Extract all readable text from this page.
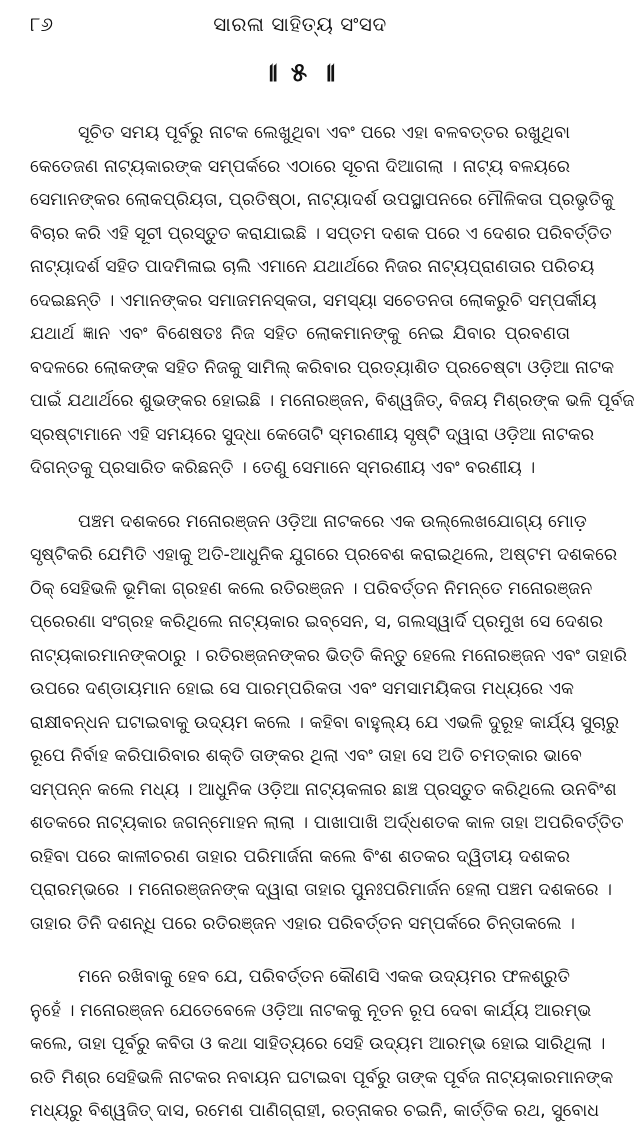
୮୬	ସାରଳା ସାହିତ୍ୟ ସଂସଦ
॥ ୫ ॥
ସୂଚିତ ସମୟ ପୂର୍ବରୁ ନାଟକ ଲେଖୁଥିବା ଏବଂ ପରେ ଏହା ବଳବତ୍ତର ରଖୁଥିବା
କେତେଜଣ ନାଟ୍ୟକାରଙ୍କ ସମ୍ପର୍କରେ ଏଠାରେ ସୂଚନା ଦିଆଗଲା । ନାଟ୍ୟ ବଳୟରେ
ସେମାନଙ୍କର ଲୋକପ୍ରିୟତା, ପ୍ରତିଷ୍ଠା, ନାଟ୍ୟାଦର୍ଶ ଉପସ୍ଥାପନରେ ମୌଳିକତା ପ୍ରଭୃତିକୁ
ବିଚାର କରି ଏହି ସୂଚୀ ପ୍ରସ୍ତୁତ କରାଯାଇଛି । ସପ୍ତମ ଦଶକ ପରେ ଏ ଦେଶର ପରିବର୍ତ୍ତିତ
ନାଟ୍ୟାଦର୍ଶ ସହିତ ପାଦମିଳାଇ ଚାଲି ଏମାନେ ଯଥାର୍ଥରେ ନିଜର ନାଟ୍ୟପ୍ରାଣତାର ପରିଚୟ
ଦେଇଛନ୍ତି । ଏମାନଙ୍କର ସମାଜମନସ୍କତା, ସମସ୍ୟା ସଚେତନତା ଲୋକରୁଚି ସମ୍ପର୍କୀୟ
ଯଥାର୍ଥ ଜ୍ଞାନ ଏବଂ ବିଶେଷତଃ ନିଜ ସହିତ ଲୋକମାନଙ୍କୁ ନେଇ ଯିବାର ପ୍ରବଣତା
ବଦଳରେ ଲୋକଙ୍କ ସହିତ ନିଜକୁ ସାମିଲ୍ କରିବାର ପ୍ରତ୍ୟାଶିତ ପ୍ରଚେଷ୍ଟା ଓଡ଼ିଆ ନାଟକ
ପାଇଁ ଯଥାର୍ଥରେ ଶୁଭଙ୍କର ହୋଇଛି । ମନୋରଞ୍ଜନ, ବିଶ୍ୱଜିତ୍, ବିଜୟ ମିଶ୍ରଙ୍କ ଭଳି ପୂର୍ବଜ
ସ୍ରଷ୍ଟାମାନେ ଏହି ସମୟରେ ସୁଦ୍ଧା କେତୋଟି ସ୍ମରଣୀୟ ସୃଷ୍ଟି ଦ୍ୱାରା ଓଡ଼ିଆ ନାଟକର
ଦିଗନ୍ତକୁ ପ୍ରସାରିତ କରିଛନ୍ତି । ତେଣୁ ସେମାନେ ସ୍ମରଣୀୟ ଏବଂ ବରଣୀୟ ।
ପଞ୍ଚମ ଦଶକରେ ମନୋରଞ୍ଜନ ଓଡ଼ିଆ ନାଟକରେ ଏକ ଉଲ୍ଲେଖଯୋଗ୍ୟ ମୋଡ଼
ସୃଷ୍ଟିକରି ଯେମିତି ଏହାକୁ ଅତି-ଆଧୁନିକ ଯୁଗରେ ପ୍ରବେଶ କରାଇଥିଲେ, ଅଷ୍ଟମ ଦଶକରେ
ଠିକ୍ ସେହିଭଳି ଭୂମିକା ଗ୍ରହଣ କଲେ ରତିରଞ୍ଜନ । ପରିବର୍ତ୍ତନ ନିମନ୍ତେ ମନୋରଞ୍ଜନ
ପ୍ରେରଣା ସଂଗ୍ରହ କରିଥିଲେ ନାଟ୍ୟକାର ଇବ୍‌ସେନ, ସ, ଗଲସ୍‌ୱାର୍ଦି ପ୍ରମୁଖ ସେ ଦେଶର
ନାଟ୍ୟକାରମାନଙ୍କଠାରୁ । ରତିରଞ୍ଜନଙ୍କର ଭିତ୍ତି କିନ୍ତୁ ହେଲେ ମନୋରଞ୍ଜନ ଏବଂ ତାହାରି
ଉପରେ ଦଣ୍ଡାୟମାନ ହୋଇ ସେ ପାରମ୍ପରିକତା ଏବଂ ସମସାମୟିକତା ମଧ୍ୟରେ ଏକ
ରାକ୍ଷୀବନ୍ଧନ ଘଟାଇବାକୁ ଉଦ୍ୟମ କଲେ । କହିବା ବାହୁଲ୍ୟ ଯେ ଏଭଳି ଦୁରୂହ କାର୍ଯ୍ୟ ସୁଚାରୁ
ରୂପେ ନିର୍ବାହ କରିପାରିବାର ଶକ୍ତି ତାଙ୍କର ଥିଲା ଏବଂ ତାହା ସେ ଅତି ଚମତ୍କାର ଭାବେ
ସମ୍ପନ୍ନ କଲେ ମଧ୍ୟ । ଆଧୁନିକ ଓଡ଼ିଆ ନାଟ୍ୟକଳାର ଛାଞ୍ଚ ପ୍ରସ୍ତୁତ କରିଥିଲେ ଉନବିଂଶ
ଶତକରେ ନାଟ୍ୟକାର ଜଗନ୍ମୋହନ ଲାଲା । ପାଖାପାଖି ଅର୍ଦ୍ଧଶତକ କାଳ ତାହା ଅପରିବର୍ତ୍ତିତ
ରହିବା ପରେ କାଳୀଚରଣ ତାହାର ପରିମାର୍ଜନା କଲେ ବିଂଶ ଶତକର ଦ୍ୱିତୀୟ ଦଶକର
ପ୍ରାରମ୍ଭରେ । ମନୋରଞ୍ଜନଙ୍କ ଦ୍ୱାରା ତାହାର ପୁନଃପରିମାର୍ଜନ ହେଲା ପଞ୍ଚମ ଦଶକରେ ।
ତାହାର ତିନି ଦଶନ୍ଧି ପରେ ରତିରଞ୍ଜନ ଏହାର ପରିବର୍ତ୍ତନ ସମ୍ପର୍କରେ ଚିନ୍ତାକଲେ ।
ମନେ ରଖିବାକୁ ହେବ ଯେ, ପରିବର୍ତ୍ତନ କୌଣସି ଏକକ ଉଦ୍ୟମର ଫଳଶ୍ରୁତି
ନୁହେଁ । ମନୋରଞ୍ଜନ ଯେତେବେଳେ ଓଡ଼ିଆ ନାଟକକୁ ନୂତନ ରୂପ ଦେବା କାର୍ଯ୍ୟ ଆରମ୍ଭ
କଲେ, ତାହା ପୂର୍ବରୁ କବିତା ଓ କଥା ସାହିତ୍ୟରେ ସେହି ଉଦ୍ୟମ ଆରମ୍ଭ ହୋଇ ସାରିଥିଲା ।
ରତି ମିଶ୍ର ସେହିଭଳି ନାଟକର ନବାୟନ ଘଟାଇବା ପୂର୍ବରୁ ତାଙ୍କ ପୂର୍ବଜ ନାଟ୍ୟକାରମାନଙ୍କ
ମଧ୍ୟରୁ ବିଶ୍ୱଜିତ୍ ଦାସ, ରମେଶ ପାଣିଗ୍ରାହୀ, ରତ୍ନାକର ଚଇନି, କାର୍ତ୍ତିକ ରଥ, ସୁବୋଧ
